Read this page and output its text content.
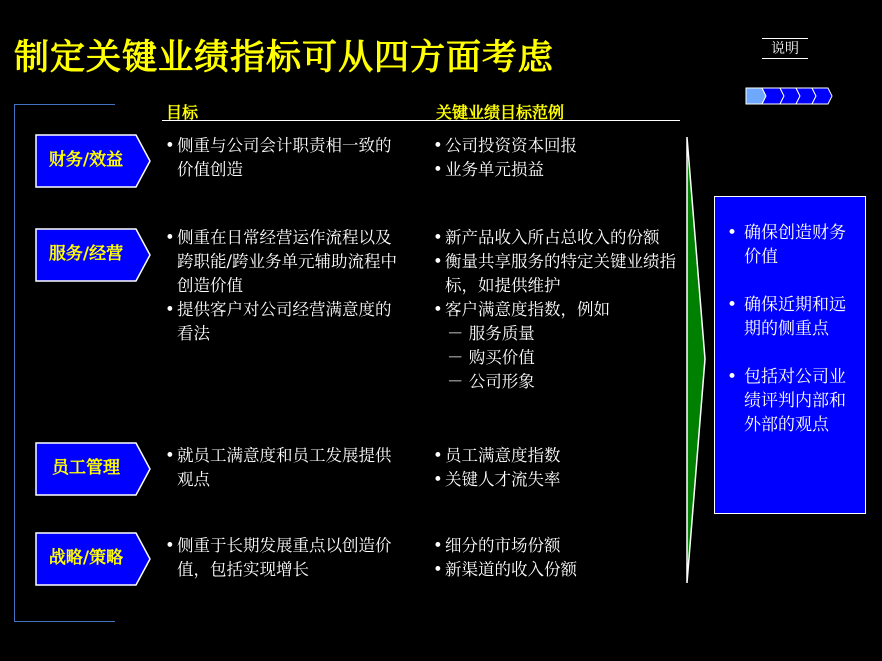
制定关键业绩指标可从四方面考虑	说明
目标	关键业绩目标范例
财务/效益
服务/经营
员工管理
战略/策略
• 侧重与公司会计职责相一致的价值创造
• 公司投资资本回报
• 业务单元损益
• 侧重在日常经营运作流程以及跨职能/跨业务单元辅助流程中创造价值
• 提供客户对公司经营满意度的看法
• 新产品收入所占总收入的份额
• 衡量共享服务的特定关键业绩指标，如提供维护
• 客户满意度指数，例如
－ 服务质量
－ 购买价值
－ 公司形象
• 就员工满意度和员工发展提供观点
• 员工满意度指数
• 关键人才流失率
• 侧重于长期发展重点以创造价值，包括实现增长
• 细分的市场份额
• 新渠道的收入份额
• 确保创造财务价值
• 确保近期和远期的侧重点
• 包括对公司业绩评判内部和外部的观点
